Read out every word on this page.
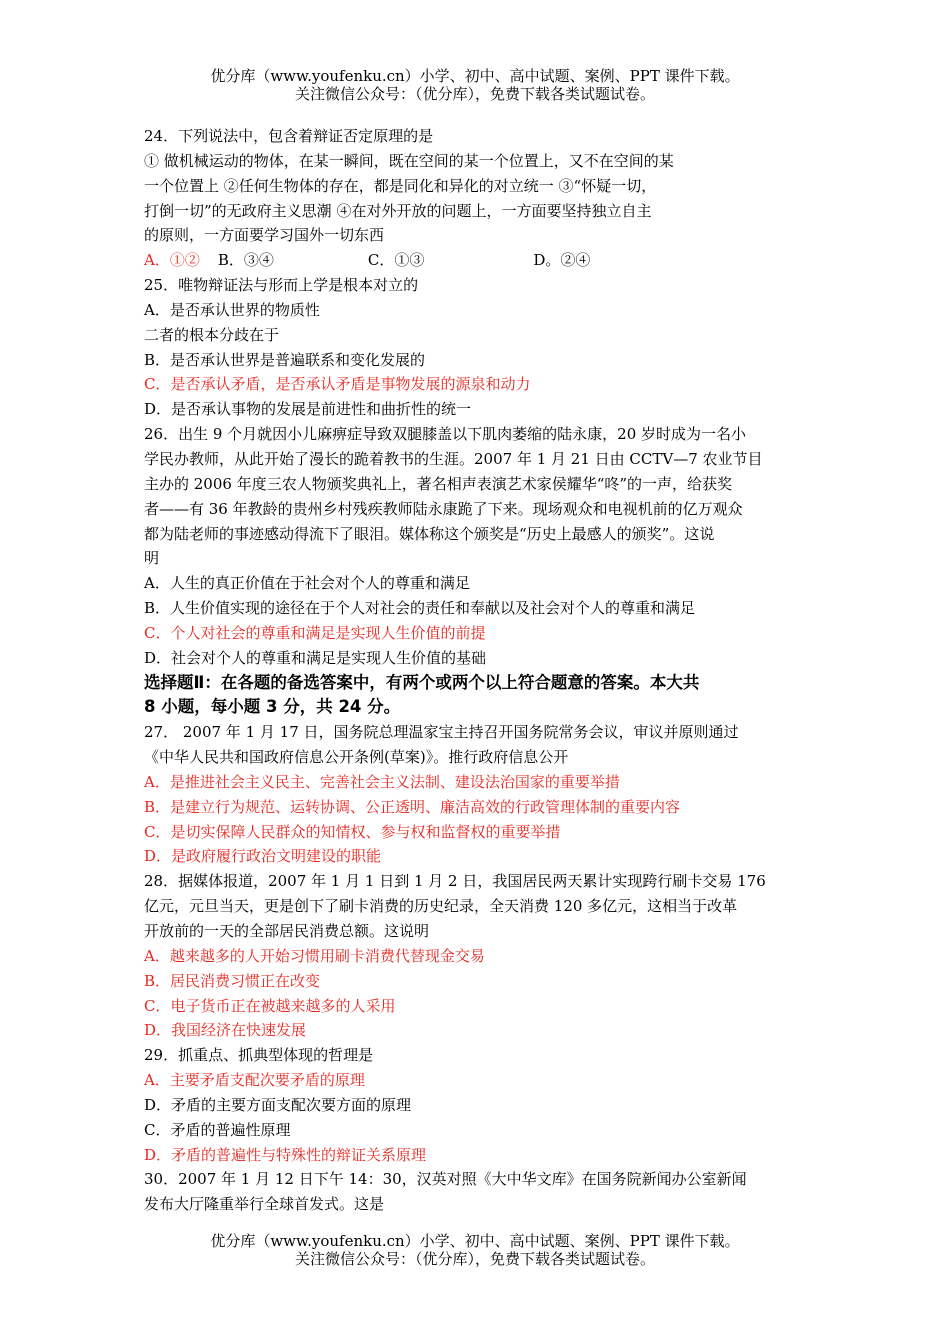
优分库（www.youfenku.cn）小学、初中、高中试题、案例、PPT 课件下载。
关注微信公众号：（优分库），免费下载各类试题试卷。
24．下列说法中，包含着辩证否定原理的是
① 做机械运动的物体，在某一瞬间，既在空间的某一个位置上，又不在空间的某
一个位置上 ②任何生物体的存在，都是同化和异化的对立统一 ③“怀疑一切，
打倒一切”的无政府主义思潮 ④在对外开放的问题上，一方面要坚持独立自主
的原则，一方面要学习国外一切东西
A．①② B．③④	C．①③	D。②④
25．唯物辩证法与形而上学是根本对立的
A．是否承认世界的物质性
二者的根本分歧在于
B．是否承认世界是普遍联系和变化发展的
C．是否承认矛盾，是否承认矛盾是事物发展的源泉和动力
D．是否承认事物的发展是前进性和曲折性的统一
26．出生 9 个月就因小儿麻痹症导致双腿膝盖以下肌肉萎缩的陆永康，20 岁时成为一名小
学民办教师，从此开始了漫长的跪着教书的生涯。2007 年 1 月 21 日由 CCTV—7 农业节目
主办的 2006 年度三农人物颁奖典礼上，著名相声表演艺术家侯耀华“咚”的一声，给获奖
者——有 36 年教龄的贵州乡村残疾教师陆永康跪了下来。现场观众和电视机前的亿万观众
都为陆老师的事迹感动得流下了眼泪。媒体称这个颁奖是“历史上最感人的颁奖”。这说
明
A．人生的真正价值在于社会对个人的尊重和满足
B．人生价值实现的途径在于个人对社会的责任和奉献以及社会对个人的尊重和满足
C．个人对社会的尊重和满足是实现人生价值的前提
D．社会对个人的尊重和满足是实现人生价值的基础
选择题Ⅱ：在各题的备选答案中，有两个或两个以上符合题意的答案。本大共
8 小题，每小题 3 分，共 24 分。
27． 2007 年 1 月 17 日，国务院总理温家宝主持召开国务院常务会议，审议并原则通过
《中华人民共和国政府信息公开条例(草案)》。推行政府信息公开
A．是推进社会主义民主、完善社会主义法制、建设法治国家的重要举措
B．是建立行为规范、运转协调、公正透明、廉洁高效的行政管理体制的重要内容
C．是切实保障人民群众的知情权、参与权和监督权的重要举措
D．是政府履行政治文明建设的职能
28．据媒体报道，2007 年 1 月 1 日到 1 月 2 日，我国居民两天累计实现跨行刷卡交易 176
亿元，元旦当天，更是创下了刷卡消费的历史纪录，全天消费 120 多亿元，这相当于改革
开放前的一天的全部居民消费总额。这说明
A．越来越多的人开始习惯用刷卡消费代替现金交易
B．居民消费习惯正在改变
C．电子货币正在被越来越多的人采用
D．我国经济在快速发展
29．抓重点、抓典型体现的哲理是
A．主要矛盾支配次要矛盾的原理
D．矛盾的主要方面支配次要方面的原理
C．矛盾的普遍性原理
D．矛盾的普遍性与特殊性的辩证关系原理
30．2007 年 1 月 12 日下午 14：30，汉英对照《大中华文库》在国务院新闻办公室新闻
发布大厅隆重举行全球首发式。这是
优分库（www.youfenku.cn）小学、初中、高中试题、案例、PPT 课件下载。
关注微信公众号：（优分库），免费下载各类试题试卷。
